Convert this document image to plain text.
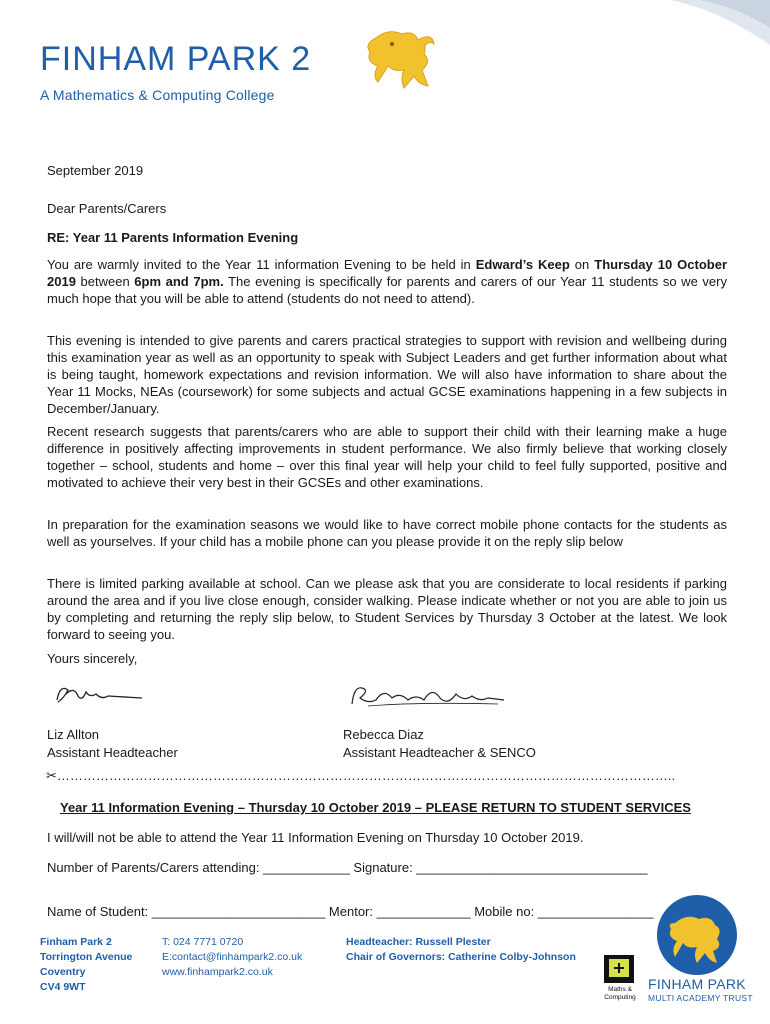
FINHAM PARK 2
A Mathematics & Computing College
September 2019
Dear Parents/Carers
RE: Year 11 Parents Information Evening

You are warmly invited to the Year 11 information Evening to be held in Edward’s Keep on Thursday 10 October 2019 between 6pm and 7pm. The evening is specifically for parents and carers of our Year 11 students so we very much hope that you will be able to attend (students do not need to attend).

This evening is intended to give parents and carers practical strategies to support with revision and wellbeing during this examination year as well as an opportunity to speak with Subject Leaders and get further information about what is being taught, homework expectations and revision information. We will also have information to share about the Year 11 Mocks, NEAs (coursework) for some subjects and actual GCSE examinations happening in a few subjects in December/January.

Recent research suggests that parents/carers who are able to support their child with their learning make a huge difference in positively affecting improvements in student performance. We also firmly believe that working closely together – school, students and home – over this final year will help your child to feel fully supported, positive and motivated to achieve their very best in their GCSEs and other examinations.

In preparation for the examination seasons we would like to have correct mobile phone contacts for the students as well as yourselves. If your child has a mobile phone can you please provide it on the reply slip below

There is limited parking available at school. Can we please ask that you are considerate to local residents if parking around the area and if you live close enough, consider walking. Please indicate whether or not you are able to join us by completing and returning the reply slip below, to Student Services by Thursday 3 October at the latest. We look forward to seeing you.

Yours sincerely,
Liz Allton
Assistant Headteacher
Rebecca Diaz
Assistant Headteacher & SENCO
✂……………………………………………………………………………………………………………………………..
Year 11 Information Evening – Thursday 10 October 2019 – PLEASE RETURN TO STUDENT SERVICES
I will/will not be able to attend the Year 11 Information Evening on Thursday 10 October 2019.
Number of Parents/Carers attending: ____________ Signature: ________________________________
Name of Student: ________________________ Mentor: _____________ Mobile no: ________________
Finham Park 2
Torrington Avenue
Coventry
CV4 9WT
T: 024 7771 0720
E:contact@finhampark2.co.uk
www.finhampark2.co.uk
Headteacher: Russell Plester
Chair of Governors: Catherine Colby-Johnson
Maths &
Computing
FINHAM PARK
MULTI ACADEMY TRUST
